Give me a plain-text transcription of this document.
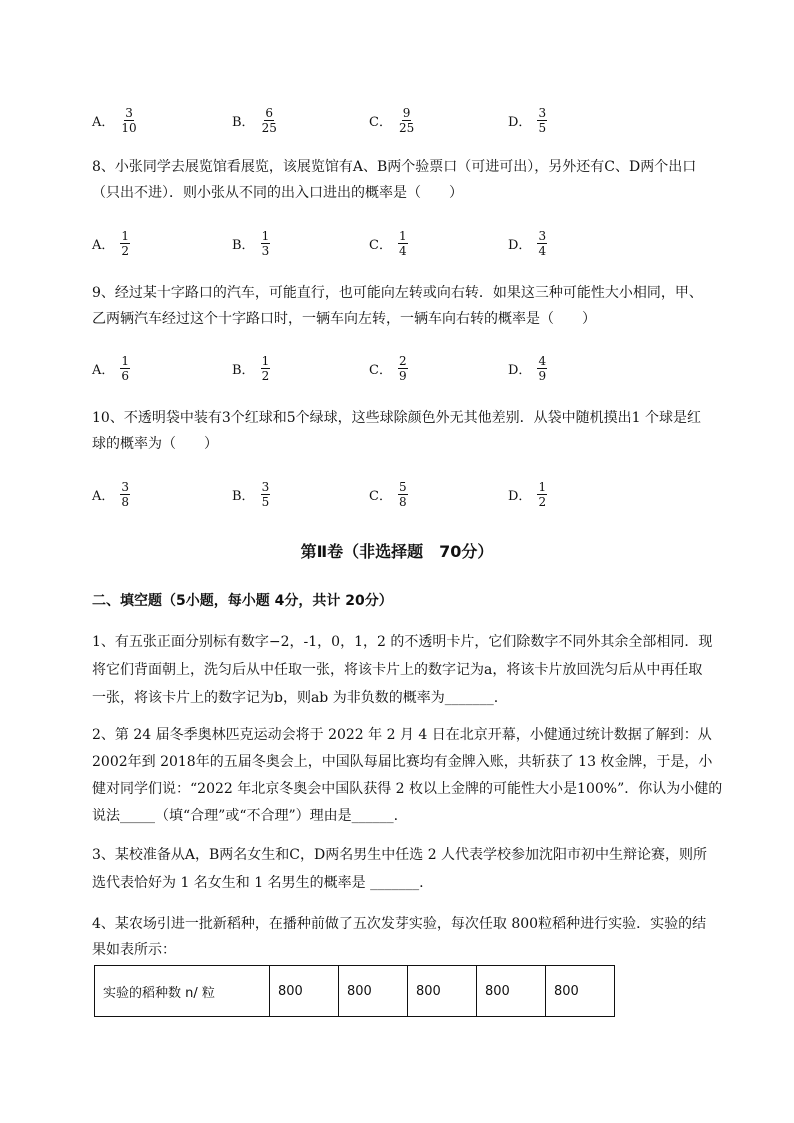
A． $\frac{3}{10}$	B． $\frac{6}{25}$	C． $\frac{9}{25}$	D． $\frac{3}{5}$
8、小张同学去展览馆看展览，该展览馆有A、B两个验票口（可进可出），另外还有C、D两个出口
（只出不进）．则小张从不同的出入口进出的概率是（　　）
A． $\frac{1}{2}$	B． $\frac{1}{3}$	C． $\frac{1}{4}$	D． $\frac{3}{4}$
9、经过某十字路口的汽车，可能直行，也可能向左转或向右转．如果这三种可能性大小相同，甲、
乙两辆汽车经过这个十字路口时，一辆车向左转，一辆车向右转的概率是（　　）
A． $\frac{1}{6}$	B． $\frac{1}{2}$	C． $\frac{2}{9}$	D． $\frac{4}{9}$
10、不透明袋中装有3个红球和5个绿球，这些球除颜色外无其他差别．从袋中随机摸出1 个球是红
球的概率为（　　）
A． $\frac{3}{8}$	B． $\frac{3}{5}$	C． $\frac{5}{8}$	D． $\frac{1}{2}$
第Ⅱ卷（非选择题　70分）
二、填空题（5小题，每小题 4分，共计 20分）
1、有五张正面分别标有数字−2，-1，0，1，2 的不透明卡片，它们除数字不同外其余全部相同．现
将它们背面朝上，洗匀后从中任取一张，将该卡片上的数字记为a，将该卡片放回洗匀后从中再任取
一张，将该卡片上的数字记为b，则ab 为非负数的概率为_______.
2、第 24 届冬季奥林匹克运动会将于 2022 年 2 月 4 日在北京开幕，小健通过统计数据了解到：从
2002年到 2018年的五届冬奥会上，中国队每届比赛均有金牌入账，共斩获了 13 枚金牌，于是，小
健对同学们说：“2022 年北京冬奥会中国队获得 2 枚以上金牌的可能性大小是100%”．你认为小健的
说法_____（填“合理”或“不合理”）理由是______.
3、某校准备从A，B两名女生和C，D两名男生中任选 2 人代表学校参加沈阳市初中生辩论赛，则所
选代表恰好为 1 名女生和 1 名男生的概率是 _______.
4、某农场引进一批新稻种，在播种前做了五次发芽实验，每次任取 800粒稻种进行实验．实验的结
果如表所示：
实验的稻种数 n/ 粒	800	800	800	800	800
